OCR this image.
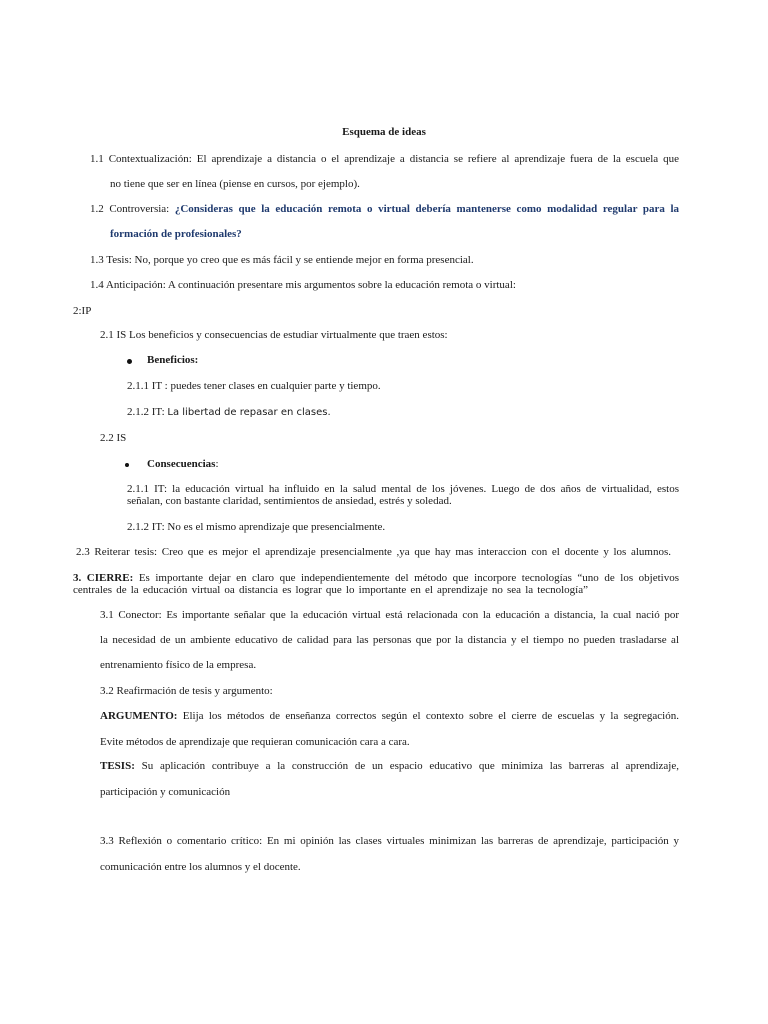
Esquema de ideas
1.1 Contextualización: El aprendizaje a distancia o el aprendizaje a distancia se refiere al aprendizaje fuera de la escuela que
no tiene que ser en línea (piense en cursos, por ejemplo).
1.2 Controversia: ¿Consideras que la educación remota o virtual debería mantenerse como modalidad regular para la
formación de profesionales?
1.3 Tesis: No, porque yo creo que es más fácil y se entiende mejor en forma presencial.
1.4 Anticipación: A continuación presentare mis argumentos sobre la educación remota o virtual:
2:IP
2.1 IS Los beneficios y consecuencias de estudiar virtualmente que traen estos:
Beneficios:
2.1.1 IT : puedes tener clases en cualquier parte y tiempo.
2.1.2 IT: La libertad de repasar en clases.
2.2 IS
Consecuencias:
2.1.1 IT: la educación virtual ha influido en la salud mental de los jóvenes. Luego de dos años de virtualidad, estos
señalan, con bastante claridad, sentimientos de ansiedad, estrés y soledad.
2.1.2 IT: No es el mismo aprendizaje que presencialmente.
2.3 Reiterar tesis: Creo que es mejor el aprendizaje presencialmente ,ya que hay mas interaccion con el docente y los alumnos.
3. CIERRE: Es importante dejar en claro que independientemente del método que incorpore tecnologías “uno de los objetivos
centrales de la educación virtual oa distancia es lograr que lo importante en el aprendizaje no sea la tecnología”
3.1 Conector: Es importante señalar que la educación virtual está relacionada con la educación a distancia, la cual nació por
la necesidad de un ambiente educativo de calidad para las personas que por la distancia y el tiempo no pueden trasladarse al
entrenamiento físico de la empresa.
3.2 Reafirmación de tesis y argumento:
ARGUMENTO: Elija los métodos de enseñanza correctos según el contexto sobre el cierre de escuelas y la segregación.
Evite métodos de aprendizaje que requieran comunicación cara a cara.
TESIS: Su aplicación contribuye a la construcción de un espacio educativo que minimiza las barreras al aprendizaje,
participación y comunicación
3.3 Reflexión o comentario crítico: En mi opinión las clases virtuales minimizan las barreras de aprendizaje, participación y
comunicación entre los alumnos y el docente.
